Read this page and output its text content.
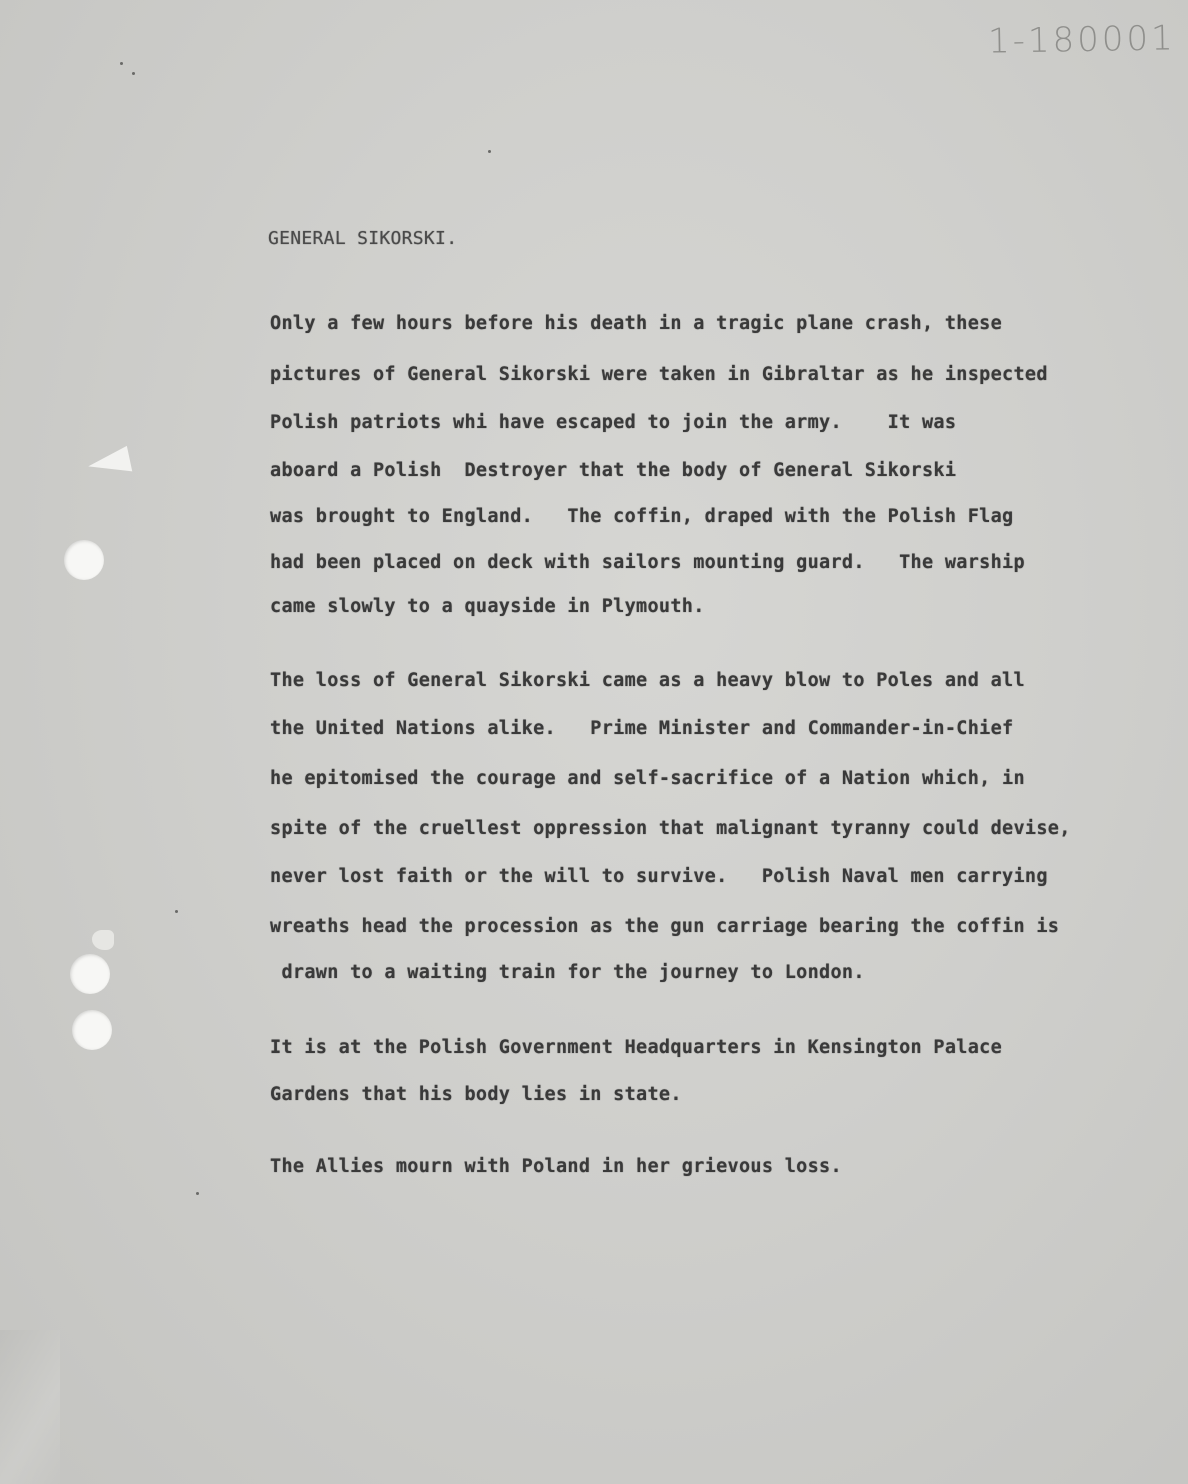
1-180001
GENERAL SIKORSKI.
Only a few hours before his death in a tragic plane crash, these
pictures of General Sikorski were taken in Gibraltar as he inspected
Polish patriots whi have escaped to join the army.    It was
aboard a Polish  Destroyer that the body of General Sikorski
was brought to England.   The coffin, draped with the Polish Flag
had been placed on deck with sailors mounting guard.   The warship
came slowly to a quayside in Plymouth.
The loss of General Sikorski came as a heavy blow to Poles and all
the United Nations alike.   Prime Minister and Commander-in-Chief
he epitomised the courage and self-sacrifice of a Nation which, in
spite of the cruellest oppression that malignant tyranny could devise,
never lost faith or the will to survive.   Polish Naval men carrying
wreaths head the procession as the gun carriage bearing the coffin is
drawn to a waiting train for the journey to London.
It is at the Polish Government Headquarters in Kensington Palace
Gardens that his body lies in state.
The Allies mourn with Poland in her grievous loss.
